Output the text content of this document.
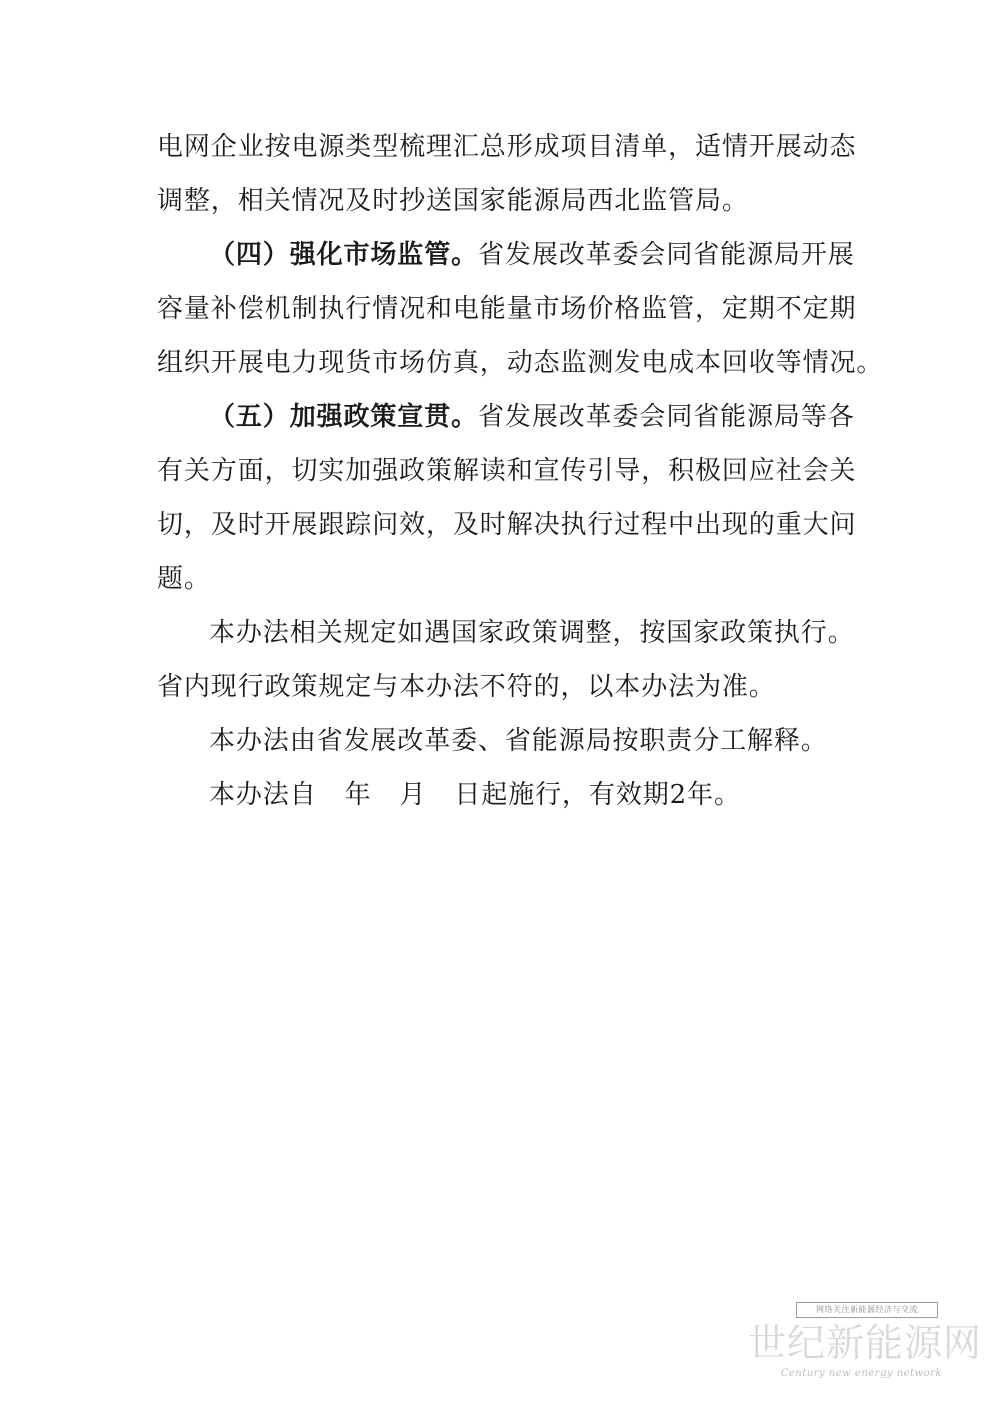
电网企业按电源类型梳理汇总形成项目清单，适情开展动态
调整，相关情况及时抄送国家能源局西北监管局。
（四）强化市场监管。省发展改革委会同省能源局开展
容量补偿机制执行情况和电能量市场价格监管，定期不定期
组织开展电力现货市场仿真，动态监测发电成本回收等情况。
（五）加强政策宣贯。省发展改革委会同省能源局等各
有关方面，切实加强政策解读和宣传引导，积极回应社会关
切，及时开展跟踪问效，及时解决执行过程中出现的重大问
题。
本办法相关规定如遇国家政策调整，按国家政策执行。
省内现行政策规定与本办法不符的，以本办法为准。
本办法由省发展改革委、省能源局按职责分工解释。
本办法自 年 月 日起施行，有效期2年。
网络关注新能源经济与交流
世纪新能源网
Century new energy network
